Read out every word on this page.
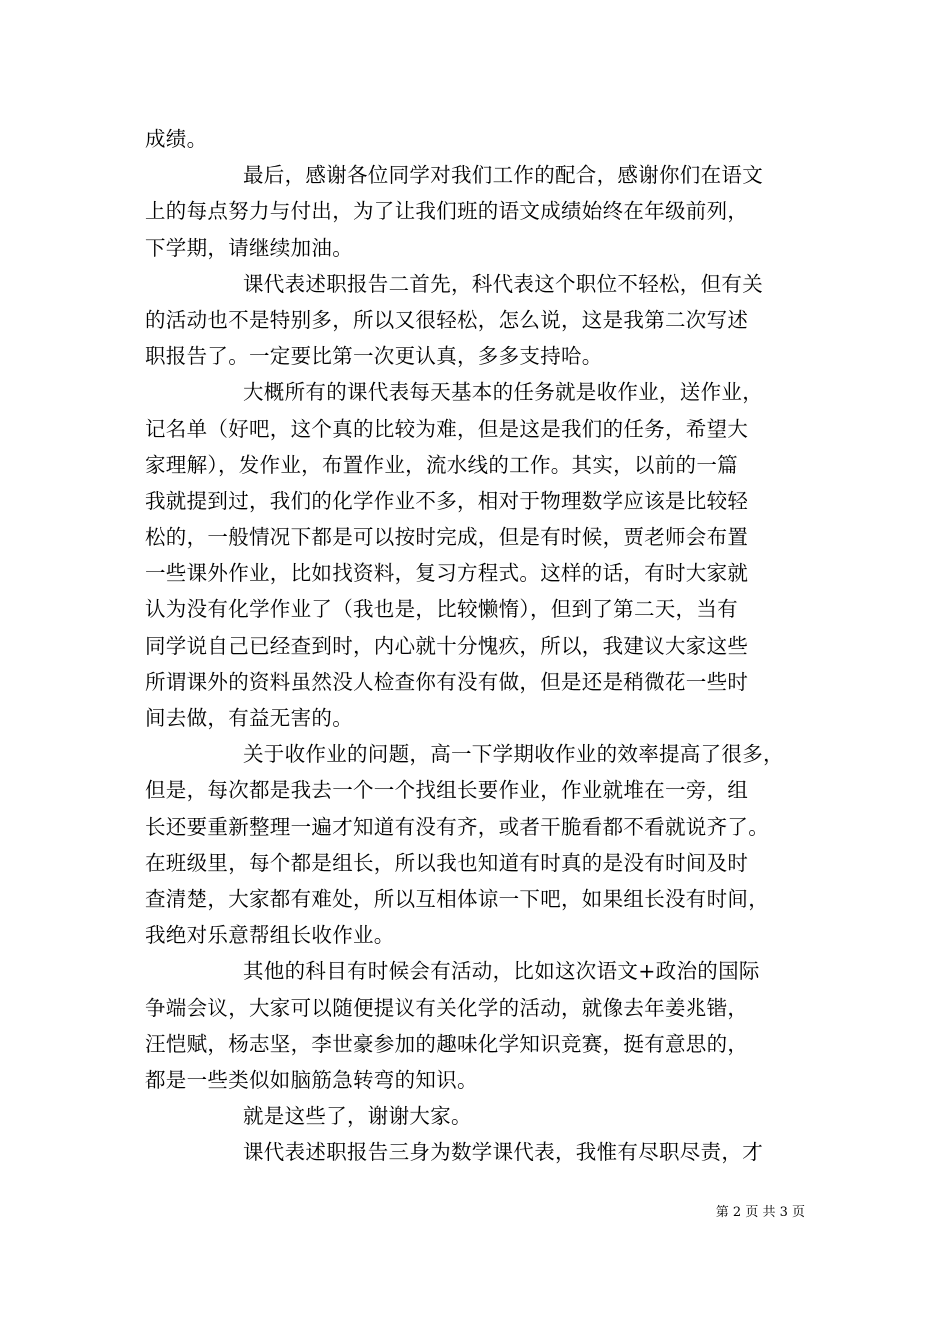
成绩。
最后，感谢各位同学对我们工作的配合，感谢你们在语文
上的每点努力与付出，为了让我们班的语文成绩始终在年级前列，
下学期，请继续加油。
课代表述职报告二首先，科代表这个职位不轻松，但有关
的活动也不是特别多，所以又很轻松，怎么说，这是我第二次写述
职报告了。一定要比第一次更认真，多多支持哈。
大概所有的课代表每天基本的任务就是收作业，送作业，
记名单（好吧，这个真的比较为难，但是这是我们的任务，希望大
家理解），发作业，布置作业，流水线的工作。其实，以前的一篇
我就提到过，我们的化学作业不多，相对于物理数学应该是比较轻
松的，一般情况下都是可以按时完成，但是有时候，贾老师会布置
一些课外作业，比如找资料，复习方程式。这样的话，有时大家就
认为没有化学作业了（我也是，比较懒惰），但到了第二天，当有
同学说自己已经查到时，内心就十分愧疚，所以，我建议大家这些
所谓课外的资料虽然没人检查你有没有做，但是还是稍微花一些时
间去做，有益无害的。
关于收作业的问题，高一下学期收作业的效率提高了很多，
但是，每次都是我去一个一个找组长要作业，作业就堆在一旁，组
长还要重新整理一遍才知道有没有齐，或者干脆看都不看就说齐了。
在班级里，每个都是组长，所以我也知道有时真的是没有时间及时
查清楚，大家都有难处，所以互相体谅一下吧，如果组长没有时间，
我绝对乐意帮组长收作业。
其他的科目有时候会有活动，比如这次语文+政治的国际
争端会议，大家可以随便提议有关化学的活动，就像去年姜兆锴，
汪恺赋，杨志坚，李世豪参加的趣味化学知识竞赛，挺有意思的，
都是一些类似如脑筋急转弯的知识。
就是这些了，谢谢大家。
课代表述职报告三身为数学课代表，我惟有尽职尽责，才
第 2 页 共 3 页
